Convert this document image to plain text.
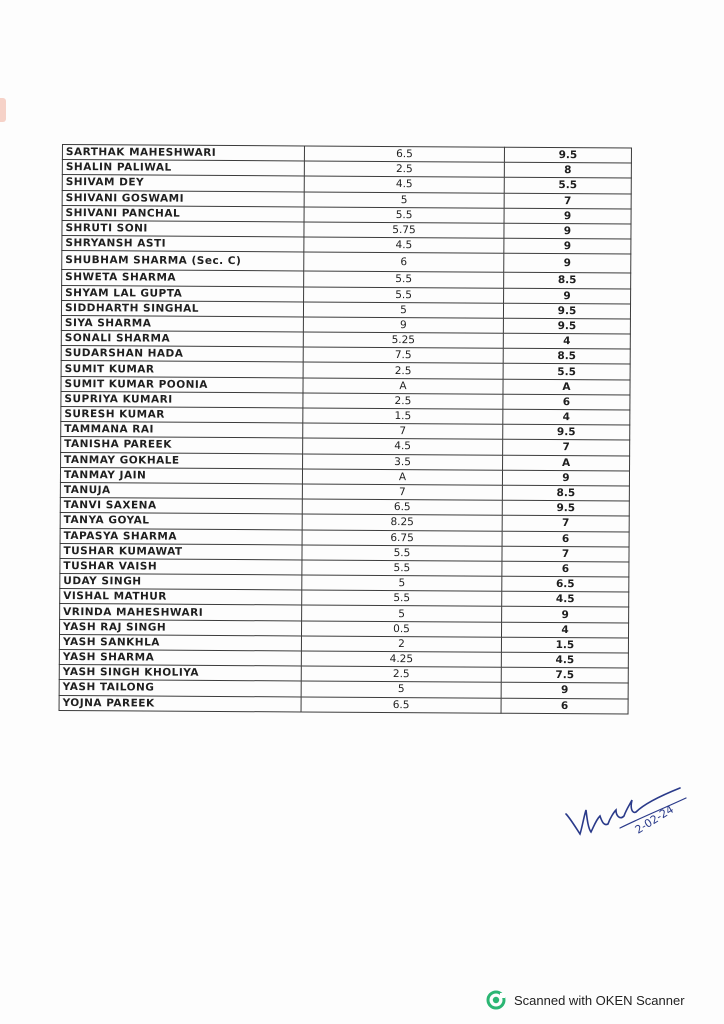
SARTHAK MAHESHWARI	6.5	9.5
SHALIN PALIWAL	2.5	8
SHIVAM DEY	4.5	5.5
SHIVANI GOSWAMI	5	7
SHIVANI PANCHAL	5.5	9
SHRUTI SONI	5.75	9
SHRYANSH ASTI	4.5	9
SHUBHAM SHARMA (Sec. C)	6	9
SHWETA SHARMA	5.5	8.5
SHYAM LAL GUPTA	5.5	9
SIDDHARTH SINGHAL	5	9.5
SIYA SHARMA	9	9.5
SONALI SHARMA	5.25	4
SUDARSHAN HADA	7.5	8.5
SUMIT KUMAR	2.5	5.5
SUMIT KUMAR POONIA	A	A
SUPRIYA KUMARI	2.5	6
SURESH KUMAR	1.5	4
TAMMANA RAI	7	9.5
TANISHA PAREEK	4.5	7
TANMAY GOKHALE	3.5	A
TANMAY JAIN	A	9
TANUJA	7	8.5
TANVI SAXENA	6.5	9.5
TANYA GOYAL	8.25	7
TAPASYA SHARMA	6.75	6
TUSHAR KUMAWAT	5.5	7
TUSHAR VAISH	5.5	6
UDAY SINGH	5	6.5
VISHAL MATHUR	5.5	4.5
VRINDA MAHESHWARI	5	9
YASH RAJ SINGH	0.5	4
YASH SANKHLA	2	1.5
YASH SHARMA	4.25	4.5
YASH SINGH KHOLIYA	2.5	7.5
YASH TAILONG	5	9
YOJNA PAREEK	6.5	6
2-02-24
Scanned with OKEN Scanner
